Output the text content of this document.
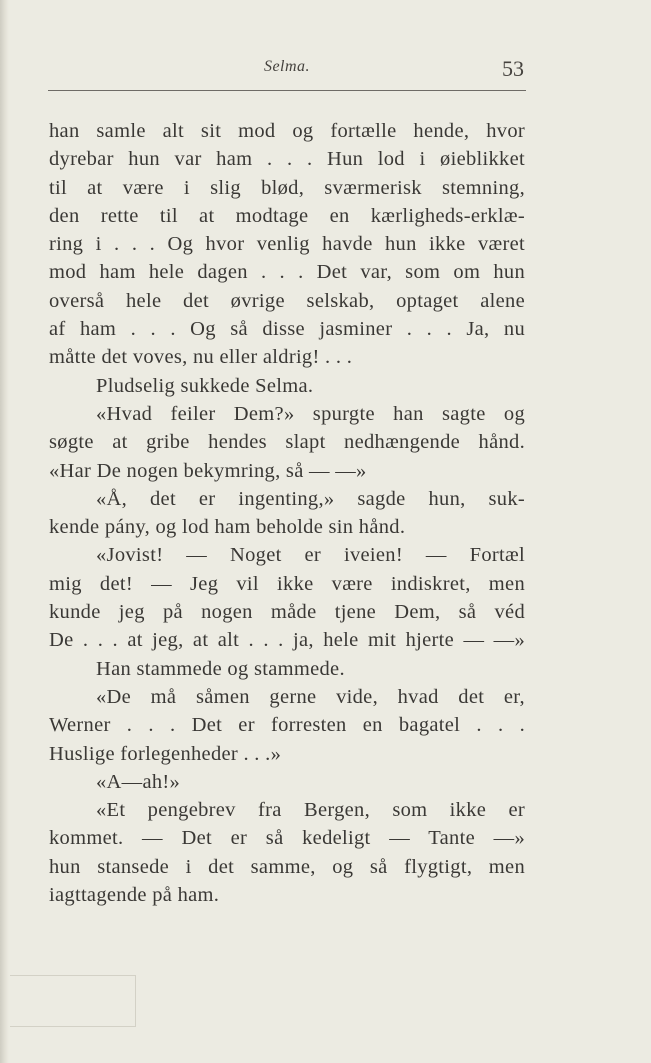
Selma.	53
han samle alt sit mod og fortælle hende, hvor
dyrebar hun var ham . . . Hun lod i øieblikket
til at være i slig blød, sværmerisk stemning,
den rette til at modtage en kærligheds-erklæ-
ring i . . . Og hvor venlig havde hun ikke været
mod ham hele dagen . . . Det var, som om hun
overså hele det øvrige selskab, optaget alene
af ham . . . Og så disse jasminer . . . Ja, nu
måtte det voves, nu eller aldrig! . . .
Pludselig sukkede Selma.
«Hvad feiler Dem?» spurgte han sagte og
søgte at gribe hendes slapt nedhængende hånd.
«Har De nogen bekymring, så — —»
«Å, det er ingenting,» sagde hun, suk-
kende pány, og lod ham beholde sin hånd.
«Jovist! — Noget er iveien! — Fortæl
mig det! — Jeg vil ikke være indiskret, men
kunde jeg på nogen måde tjene Dem, så véd
De . . . at jeg, at alt . . . ja, hele mit hjerte — —»
Han stammede og stammede.
«De må såmen gerne vide, hvad det er,
Werner . . . Det er forresten en bagatel . . .
Huslige forlegenheder . . .»
«A—ah!»
«Et pengebrev fra Bergen, som ikke er
kommet. — Det er så kedeligt — Tante —»
hun stansede i det samme, og så flygtigt, men
iagttagende på ham.
